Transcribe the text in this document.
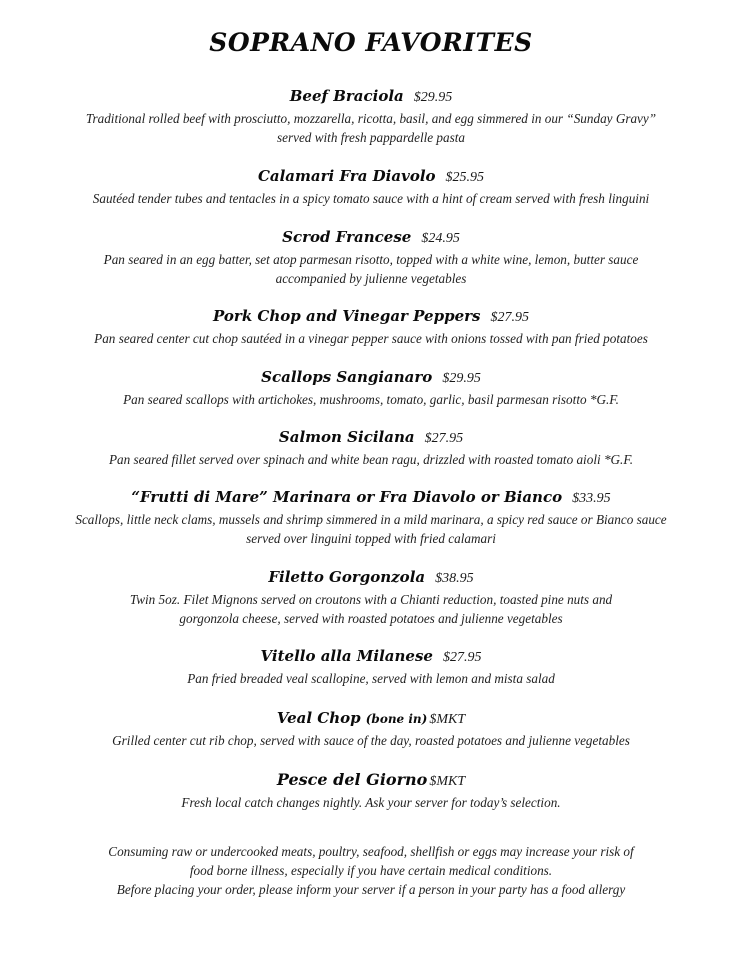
SOPRANO FAVORITES
Beef Braciola $29.95
Traditional rolled beef with prosciutto, mozzarella, ricotta, basil, and egg simmered in our “Sunday Gravy”
served with fresh pappardelle pasta
Calamari Fra Diavolo $25.95
Sautéed tender tubes and tentacles in a spicy tomato sauce with a hint of cream served with fresh linguini
Scrod Francese $24.95
Pan seared in an egg batter, set atop parmesan risotto, topped with a white wine, lemon, butter sauce
accompanied by julienne vegetables
Pork Chop and Vinegar Peppers $27.95
Pan seared center cut chop sautéed in a vinegar pepper sauce with onions tossed with pan fried potatoes
Scallops Sangianaro $29.95
Pan seared scallops with artichokes, mushrooms, tomato, garlic, basil parmesan risotto *G.F.
Salmon Sicilana $27.95
Pan seared fillet served over spinach and white bean ragu, drizzled with roasted tomato aioli *G.F.
“Frutti di Mare” Marinara or Fra Diavolo or Bianco $33.95
Scallops, little neck clams, mussels and shrimp simmered in a mild marinara, a spicy red sauce or Bianco sauce
served over linguini topped with fried calamari
Filetto Gorgonzola $38.95
Twin 5oz. Filet Mignons served on croutons with a Chianti reduction, toasted pine nuts and
gorgonzola cheese, served with roasted potatoes and julienne vegetables
Vitello alla Milanese $27.95
Pan fried breaded veal scallopine, served with lemon and mista salad
Veal Chop (bone in) $MKT
Grilled center cut rib chop, served with sauce of the day, roasted potatoes and julienne vegetables
Pesce del Giorno $MKT
Fresh local catch changes nightly. Ask your server for today’s selection.
Consuming raw or undercooked meats, poultry, seafood, shellfish or eggs may increase your risk of
food borne illness, especially if you have certain medical conditions.
Before placing your order, please inform your server if a person in your party has a food allergy
